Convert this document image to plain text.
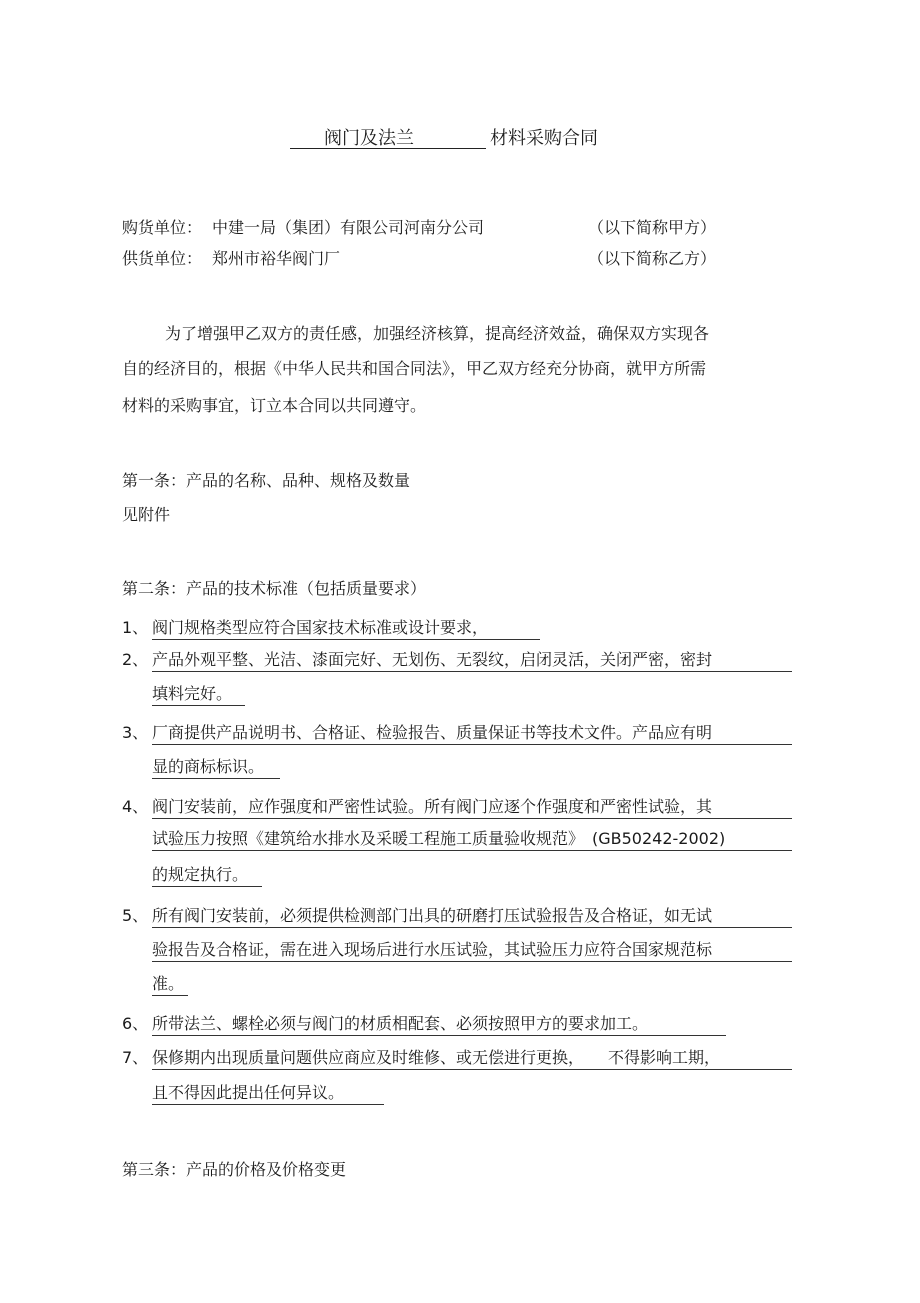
阀门及法兰	材料采购合同
购货单位： 中建一局（集团）有限公司河南分公司	（以下简称甲方）
供货单位： 郑州市裕华阀门厂	（以下简称乙方）
为了增强甲乙双方的责任感，加强经济核算，提高经济效益，确保双方实现各
自的经济目的，根据《中华人民共和国合同法》，甲乙双方经充分协商，就甲方所需
材料的采购事宜，订立本合同以共同遵守。
第一条：产品的名称、品种、规格及数量
见附件
第二条：产品的技术标准（包括质量要求）
1、 阀门规格类型应符合国家技术标准或设计要求，
2、 产品外观平整、光洁、漆面完好、无划伤、无裂纹，启闭灵活，关闭严密，密封
填料完好。
3、 厂商提供产品说明书、合格证、检验报告、质量保证书等技术文件。产品应有明
显的商标标识。
4、 阀门安装前，应作强度和严密性试验。所有阀门应逐个作强度和严密性试验，其
试验压力按照《建筑给水排水及采暖工程施工质量验收规范》　(GB50242-2002)
的规定执行。
5、 所有阀门安装前，必须提供检测部门出具的研磨打压试验报告及合格证，如无试
验报告及合格证，需在进入现场后进行水压试验，其试验压力应符合国家规范标
准。
6、 所带法兰、螺栓必须与阀门的材质相配套、必须按照甲方的要求加工。
7、 保修期内出现质量问题供应商应及时维修、或无偿进行更换，　　不得影响工期，
且不得因此提出任何异议。
第三条：产品的价格及价格变更
